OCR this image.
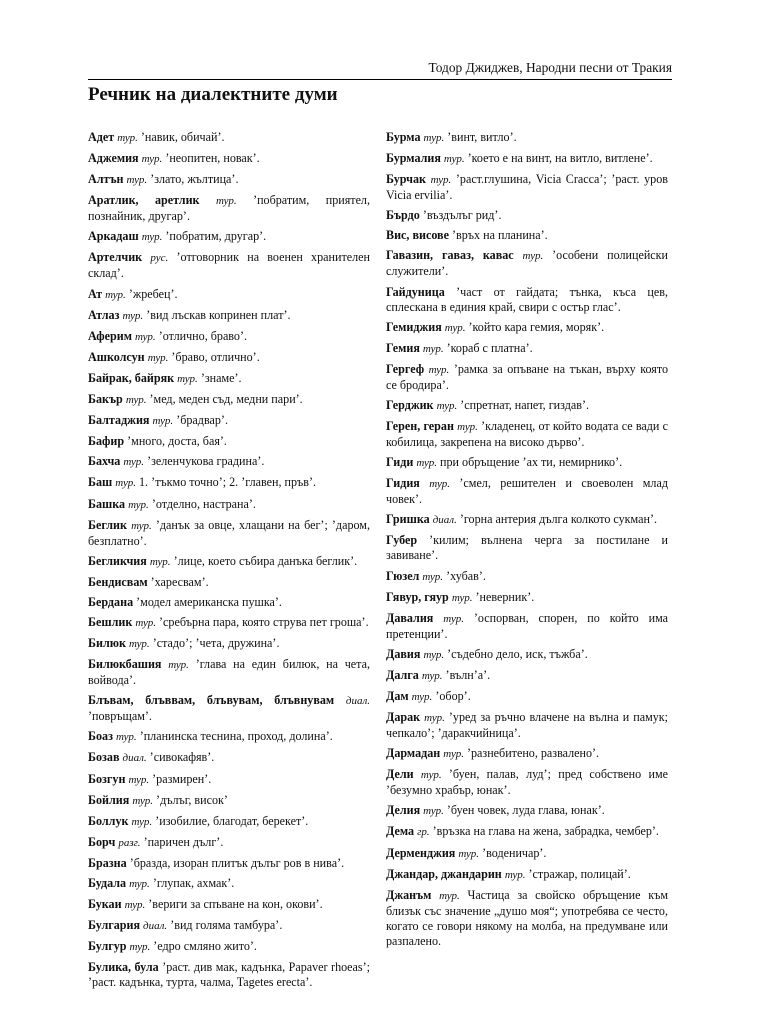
Тодор Джиджев, Народни песни от Тракия
Речник на диалектните думи
Адет тур. ’навик, обичай’.
Аджемия тур. ’неопитен, новак’.
Алтън тур. ’злато, жълтица’.
Аратлик, аретлик тур. ’побратим, приятел, познайник, другар’.
Аркадаш тур. ’побратим, другар’.
Артелчик рус. ’отговорник на военен хранителен склад’.
Ат тур. ’жребец’.
Атлаз тур. ’вид лъскав копринен плат’.
Аферим тур. ’отлично, браво’.
Ашколсун тур. ’браво, отлично’.
Байрак, байряк тур. ’знаме’.
Бакър тур. ’мед, меден съд, медни пари’.
Балтаджия тур. ’брадвар’.
Бафир ’много, доста, бая’.
Бахча тур. ’зеленчукова градина’.
Баш тур. 1. ’тъкмо точно’; 2. ’главен, пръв’.
Башка тур. ’отделно, настрана’.
Беглик тур. ’данък за овце, хлащани на бег’; ’даром, безплатно’.
Бегликчия тур. ’лице, което събира данъка беглик’.
Бендисвам ’харесвам’.
Бердана ’модел американска пушка’.
Бешлик тур. ’сребърна пара, която струва пет гроша’.
Билюк тур. ’стадо’; ’чета, дружина’.
Билюкбашия тур. ’глава на един билюк, на чета, войвода’.
Блъвам, блъввам, блъвувам, блъвнувам диал. ’повръщам’.
Боаз тур. ’планинска теснина, проход, долина’.
Бозав диал. ’сивокафяв’.
Бозгун тур. ’размирен’.
Бойлия тур. ’дълъг, висок’
Боллук тур. ’изобилие, благодат, берекет’.
Борч разг. ’паричен дълг’.
Бразна ’бразда, изоран плитък дълъг ров в нива’.
Будала тур. ’глупак, ахмак’.
Букаи тур. ’вериги за спъване на кон, окови’.
Булгария диал. ’вид голяма тамбура’.
Булгур тур. ’едро смляно жито’.
Булика, була ’раст. див мак, кадънка, Papaver rhoeas’; ’раст. кадънка, турта, чалма, Tagetes erecta’.
Бурма тур. ’винт, витло’.
Бурмалия тур. ’което е на винт, на витло, витлене’.
Бурчак тур. ’раст.глушина, Vicia Cracca’; ’раст. уров Vicia ervilia’.
Бърдо ’въздълъг рид’.
Вис, висове ’връх на планина’.
Гавазин, гаваз, кавас тур. ’особени полицейски служители’.
Гайдуница ’част от гайдата; тънка, къса цев, сплескана в единия край, свири с остър глас’.
Гемиджия тур. ’който кара гемия, моряк’.
Гемия тур. ’кораб с платна’.
Гергеф тур. ’рамка за опъване на тъкан, върху която се бродира’.
Герджик тур. ’спретнат, напет, гиздав’.
Герен, геран тур. ’кладенец, от който водата се вади с кобилица, закрепена на високо дърво’.
Гиди тур. при обръщение ’ах ти, немирнико’.
Гидия тур. ’смел, решителен и своеволен млад човек’.
Гришка диал. ’горна антерия дълга колкото сукман’.
Губер ’килим; вълнена черга за постилане и завиване’.
Гюзел тур. ’хубав’.
Гявур, гяур тур. ’неверник’.
Давалия тур. ’оспорван, спорен, по който има претенции’.
Давия тур. ’съдебно дело, иск, тъжба’.
Далга тур. ’вълн’а’.
Дам тур. ’обор’.
Дарак тур. ’уред за ръчно влачене на вълна и памук; чепкало’; ’даракчийница’.
Дармадан тур. ’разнебитено, развалено’.
Дели тур. ’буен, палав, луд’; пред собствено име ’безумно храбър, юнак’.
Делия тур. ’буен човек, луда глава, юнак’.
Дема гр. ’връзка на глава на жена, забрадка, чембер’.
Дерменджия тур. ’воденичар’.
Джандар, джандарин тур. ’стражар, полицай’.
Джанъм тур. Частица за свойско обръщение към близък със значение „душо моя“; употребява се често, когато се говори някому на молба, на предумване или разпалено.
